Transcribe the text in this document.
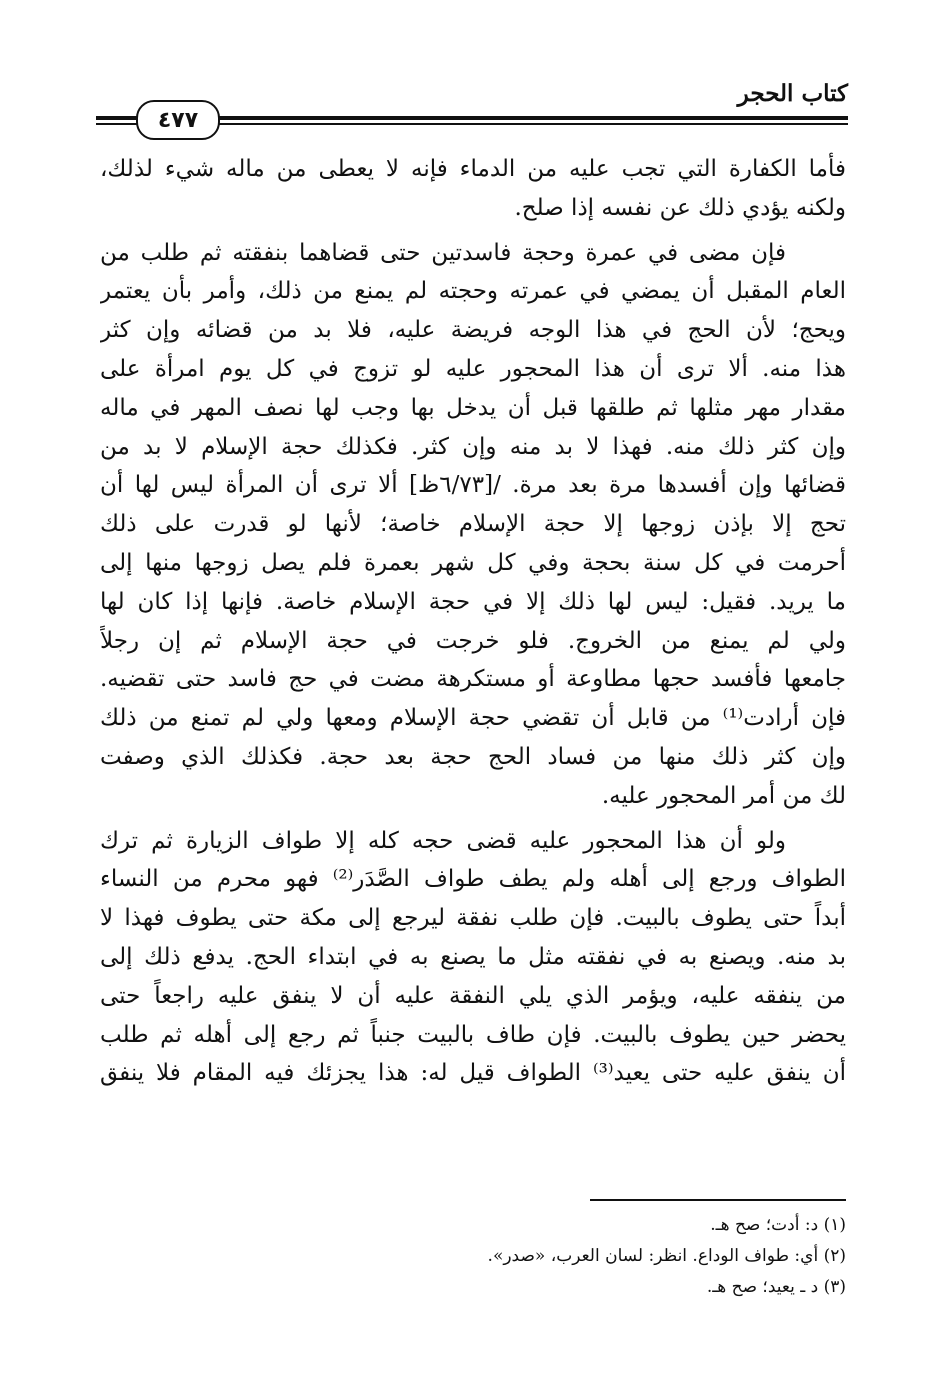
كتاب الحجر
٤٧٧
فأما الكفارة التي تجب عليه من الدماء فإنه لا يعطى من ماله شيء لذلك،
ولكنه يؤدي ذلك عن نفسه إذا صلح.
فإن مضى في عمرة وحجة فاسدتين حتى قضاهما بنفقته ثم طلب من
العام المقبل أن يمضي في عمرته وحجته لم يمنع من ذلك، وأمر بأن يعتمر
ويحج؛ لأن الحج في هذا الوجه فريضة عليه، فلا بد من قضائه وإن كثر
هذا منه. ألا ترى أن هذا المحجور عليه لو تزوج في كل يوم امرأة على
مقدار مهر مثلها ثم طلقها قبل أن يدخل بها وجب لها نصف المهر في ماله
وإن كثر ذلك منه. فهذا لا بد منه وإن كثر. فكذلك حجة الإسلام لا بد من
قضائها وإن أفسدها مرة بعد مرة. /[٦/٧٣ظ] ألا ترى أن المرأة ليس لها أن
تحج إلا بإذن زوجها إلا حجة الإسلام خاصة؛ لأنها لو قدرت على ذلك
أحرمت في كل سنة بحجة وفي كل شهر بعمرة فلم يصل زوجها منها إلى
ما يريد. فقيل: ليس لها ذلك إلا في حجة الإسلام خاصة. فإنها إذا كان لها
ولي لم يمنع من الخروج. فلو خرجت في حجة الإسلام ثم إن رجلاً
جامعها فأفسد حجها مطاوعة أو مستكرهة مضت في حج فاسد حتى تقضيه.
فإن أرادت⁽¹⁾ من قابل أن تقضي حجة الإسلام ومعها ولي لم تمنع من ذلك
وإن كثر ذلك منها من فساد الحج حجة بعد حجة. فكذلك الذي وصفت
لك من أمر المحجور عليه.
ولو أن هذا المحجور عليه قضى حجه كله إلا طواف الزيارة ثم ترك
الطواف ورجع إلى أهله ولم يطف طواف الصَّدَر⁽²⁾ فهو محرم من النساء
أبداً حتى يطوف بالبيت. فإن طلب نفقة ليرجع إلى مكة حتى يطوف فهذا لا
بد منه. ويصنع به في نفقته مثل ما يصنع به في ابتداء الحج. يدفع ذلك إلى
من ينفقه عليه، ويؤمر الذي يلي النفقة عليه أن لا ينفق عليه راجعاً حتى
يحضر حين يطوف بالبيت. فإن طاف بالبيت جنباً ثم رجع إلى أهله ثم طلب
أن ينفق عليه حتى يعيد⁽³⁾ الطواف قيل له: هذا يجزئك فيه المقام فلا ينفق
(١) د: أدت؛ صح هـ.
(٢) أي: طواف الوداع. انظر: لسان العرب، «صدر».
(٣) د ـ يعيد؛ صح هـ.
